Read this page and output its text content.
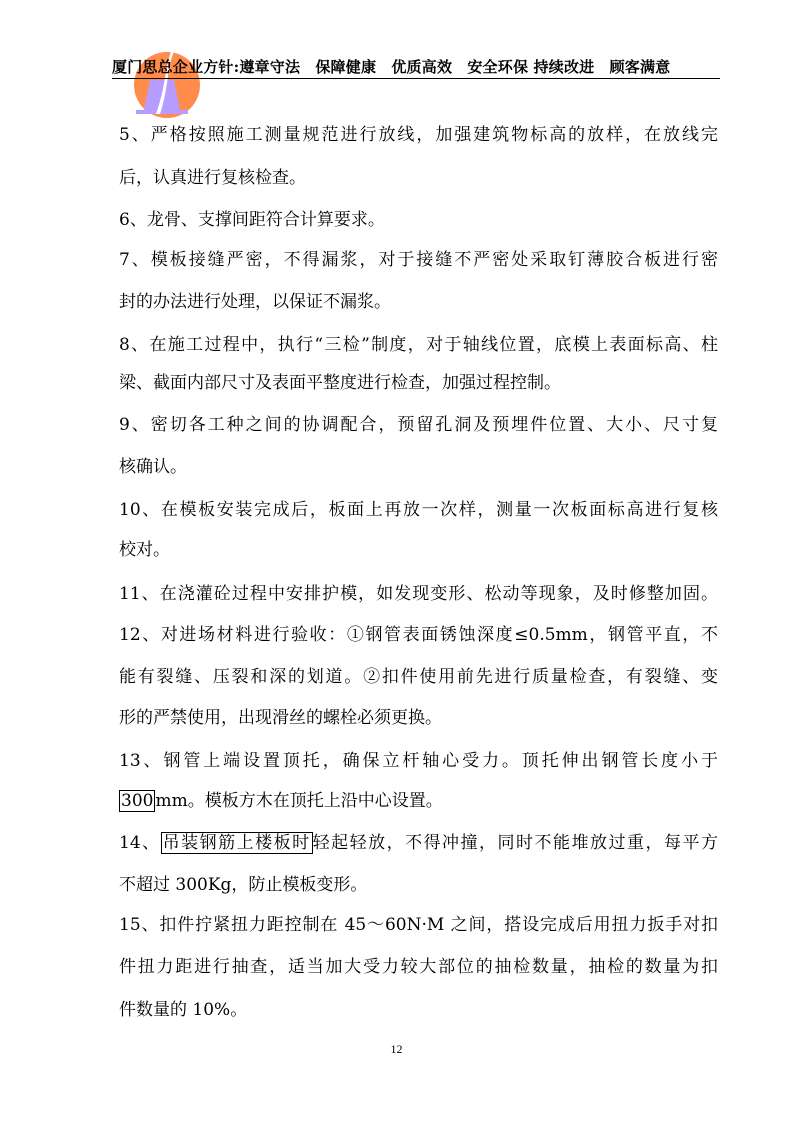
厦门思总企业方针:遵章守法　保障健康　优质高效　安全环保 持续改进　顾客满意
5、严格按照施工测量规范进行放线，加强建筑物标高的放样，在放线完
后，认真进行复核检查。
6、龙骨、支撑间距符合计算要求。
7、模板接缝严密，不得漏浆，对于接缝不严密处采取钉薄胶合板进行密
封的办法进行处理，以保证不漏浆。
8、在施工过程中，执行“三检”制度，对于轴线位置，底模上表面标高、柱
梁、截面内部尺寸及表面平整度进行检查，加强过程控制。
9、密切各工种之间的协调配合，预留孔洞及预埋件位置、大小、尺寸复
核确认。
10、在模板安装完成后，板面上再放一次样，测量一次板面标高进行复核
校对。
11、在浇灌砼过程中安排护模，如发现变形、松动等现象，及时修整加固。
12、对进场材料进行验收：①钢管表面锈蚀深度≤0.5mm，钢管平直，不
能有裂缝、压裂和深的划道。②扣件使用前先进行质量检查，有裂缝、变
形的严禁使用，出现滑丝的螺栓必须更换。
13、钢管上端设置顶托，确保立杆轴心受力。顶托伸出钢管长度小于
300 mm。模板方木在顶托上沿中心设置。
14、 吊装钢筋上楼板时 轻起轻放，不得冲撞，同时不能堆放过重，每平方
不超过 300Kg，防止模板变形。
15、扣件拧紧扭力距控制在 45～60N·M 之间，搭设完成后用扭力扳手对扣
件扭力距进行抽查，适当加大受力较大部位的抽检数量，抽检的数量为扣
件数量的 10%。
12
